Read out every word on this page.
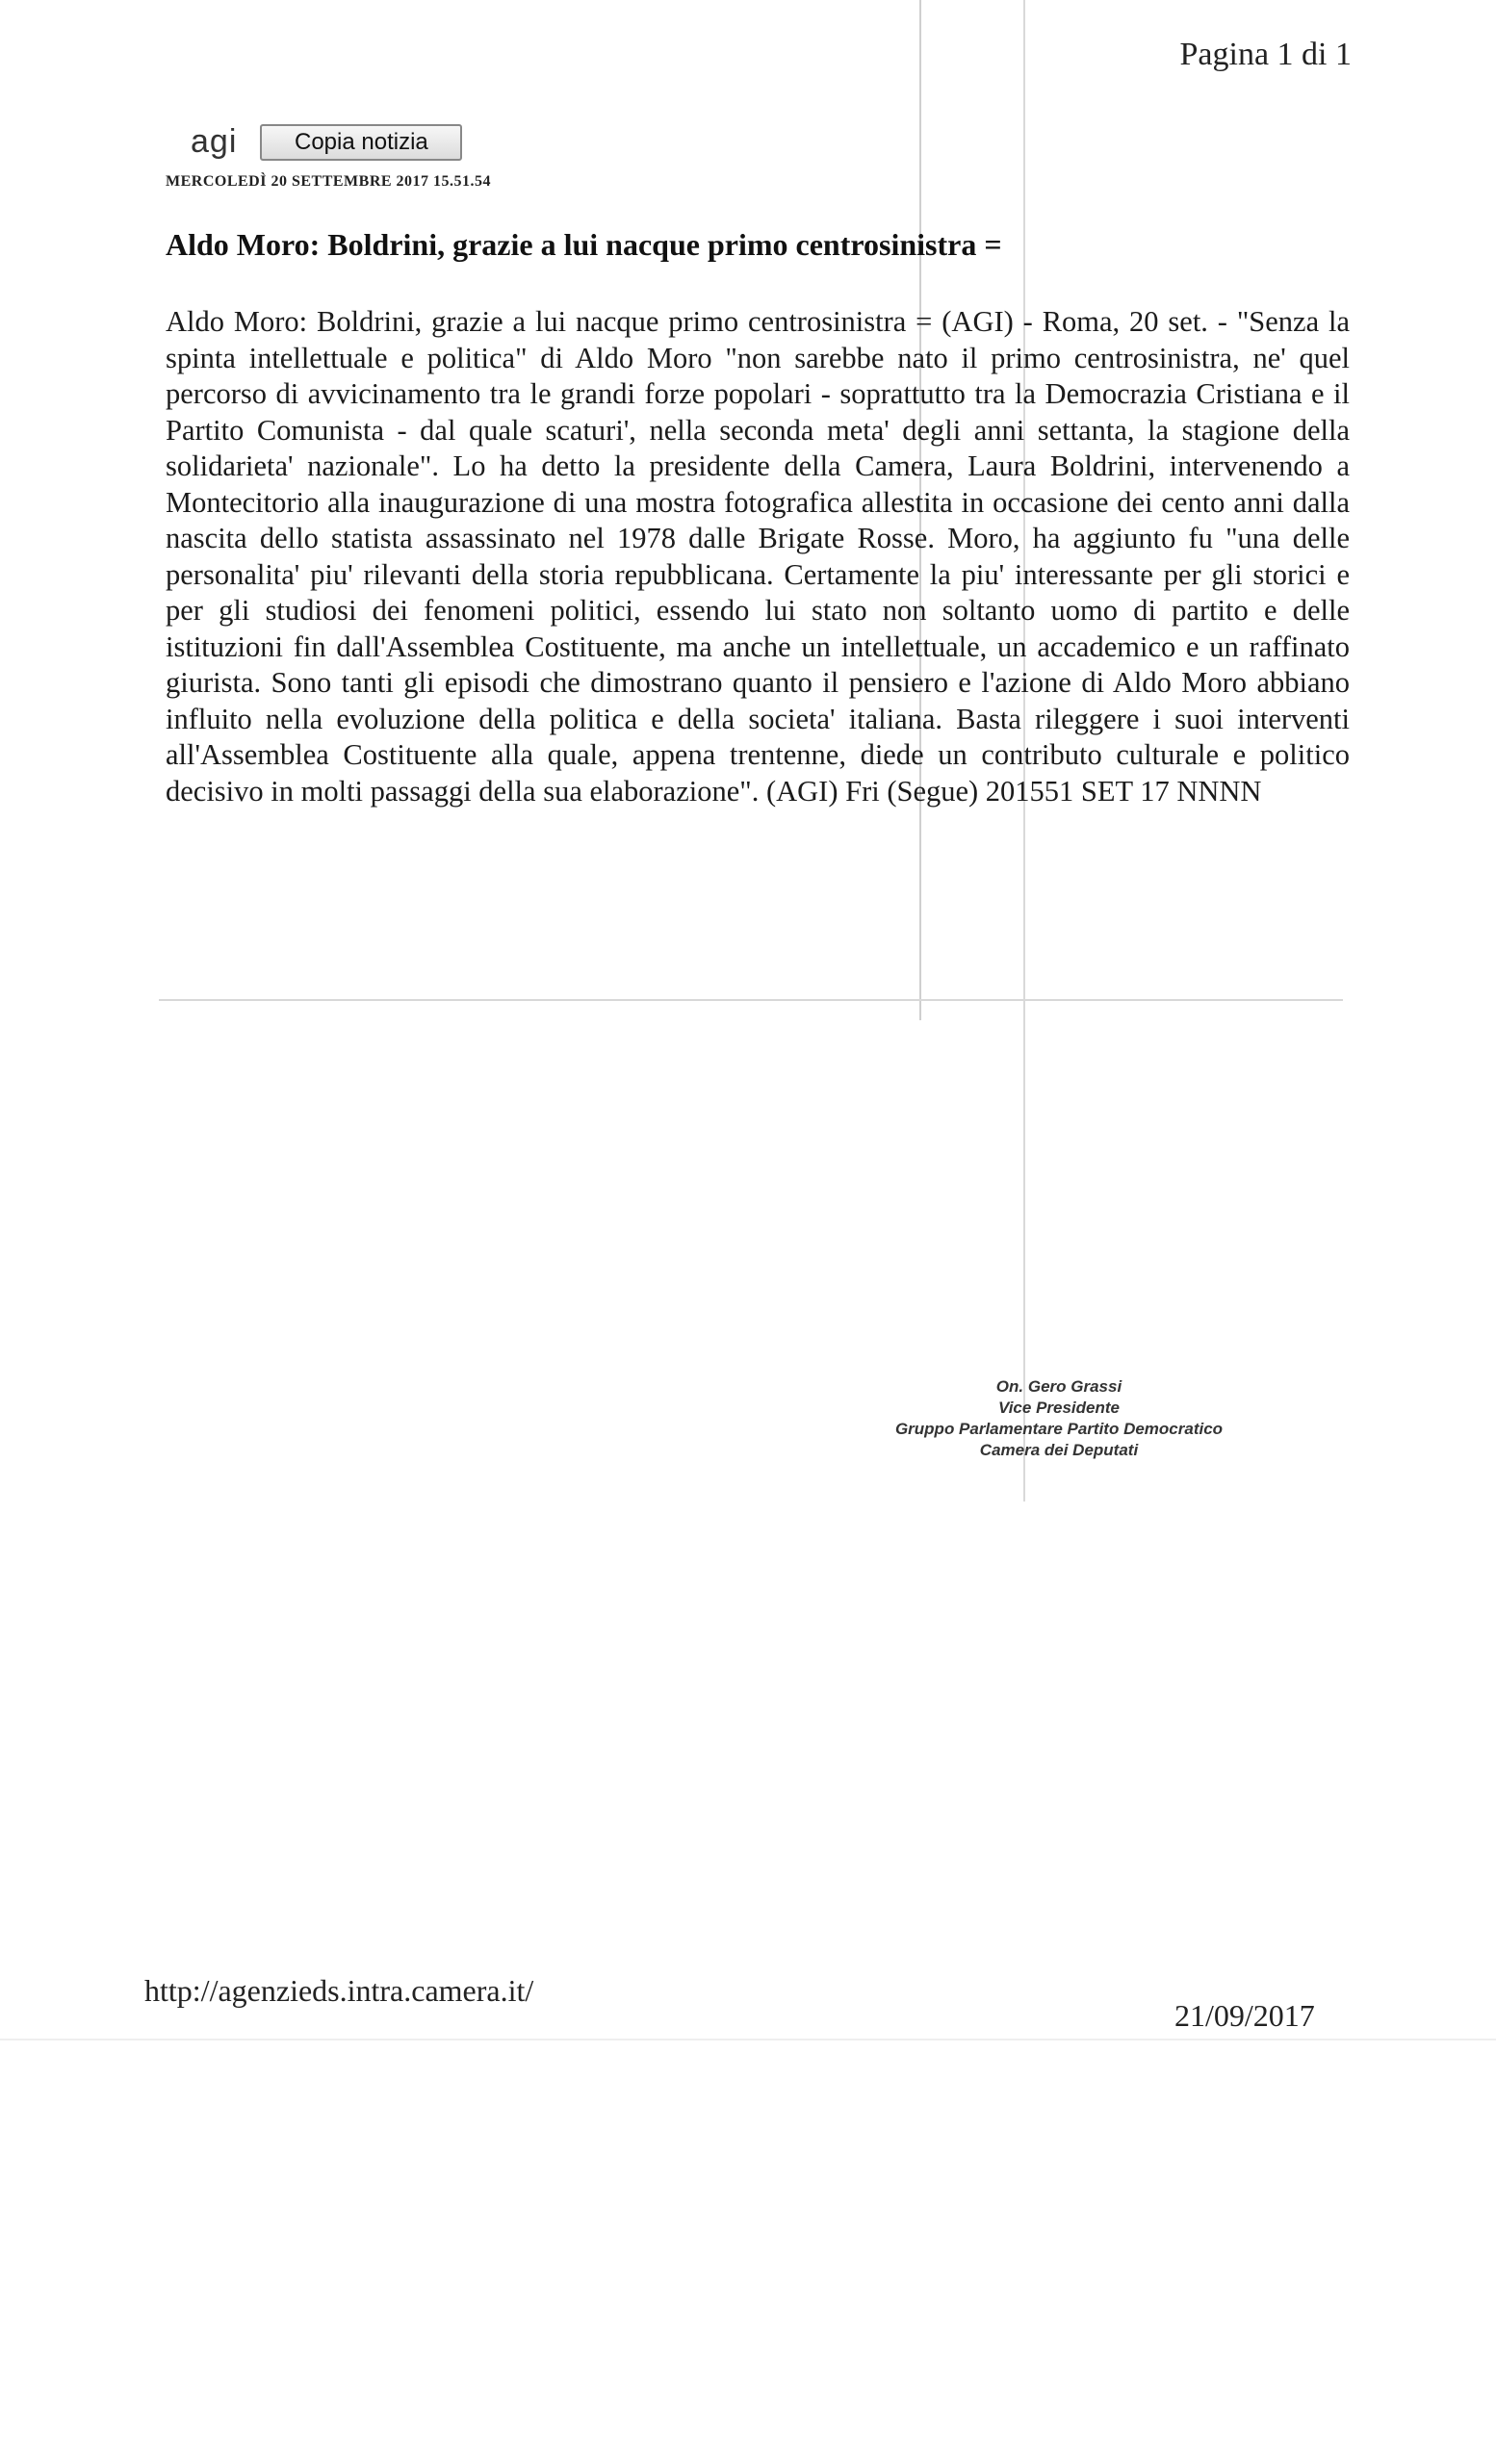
Pagina 1 di 1
agi	Copia notizia
MERCOLEDÌ 20 SETTEMBRE 2017 15.51.54
Aldo Moro: Boldrini, grazie a lui nacque primo centrosinistra =
Aldo Moro: Boldrini, grazie a lui nacque primo centrosinistra = (AGI) - Roma, 20 set. - "Senza la spinta intellettuale e politica" di Aldo Moro "non sarebbe nato il primo centrosinistra, ne' quel percorso di avvicinamento tra le grandi forze popolari - soprattutto tra la Democrazia Cristiana e il Partito Comunista - dal quale scaturi', nella seconda meta' degli anni settanta, la stagione della solidarieta' nazionale". Lo ha detto la presidente della Camera, Laura Boldrini, intervenendo a Montecitorio alla inaugurazione di una mostra fotografica allestita in occasione dei cento anni dalla nascita dello statista assassinato nel 1978 dalle Brigate Rosse. Moro, ha aggiunto fu "una delle personalita' piu' rilevanti della storia repubblicana. Certamente la piu' interessante per gli storici e per gli studiosi dei fenomeni politici, essendo lui stato non soltanto uomo di partito e delle istituzioni fin dall'Assemblea Costituente, ma anche un intellettuale, un accademico e un raffinato giurista. Sono tanti gli episodi che dimostrano quanto il pensiero e l'azione di Aldo Moro abbiano influito nella evoluzione della politica e della societa' italiana. Basta rileggere i suoi interventi all'Assemblea Costituente alla quale, appena trentenne, diede un contributo culturale e politico decisivo in molti passaggi della sua elaborazione". (AGI) Fri (Segue) 201551 SET 17 NNNN
On. Gero Grassi
Vice Presidente
Gruppo Parlamentare Partito Democratico
Camera dei Deputati
http://agenzieds.intra.camera.it/
21/09/2017
